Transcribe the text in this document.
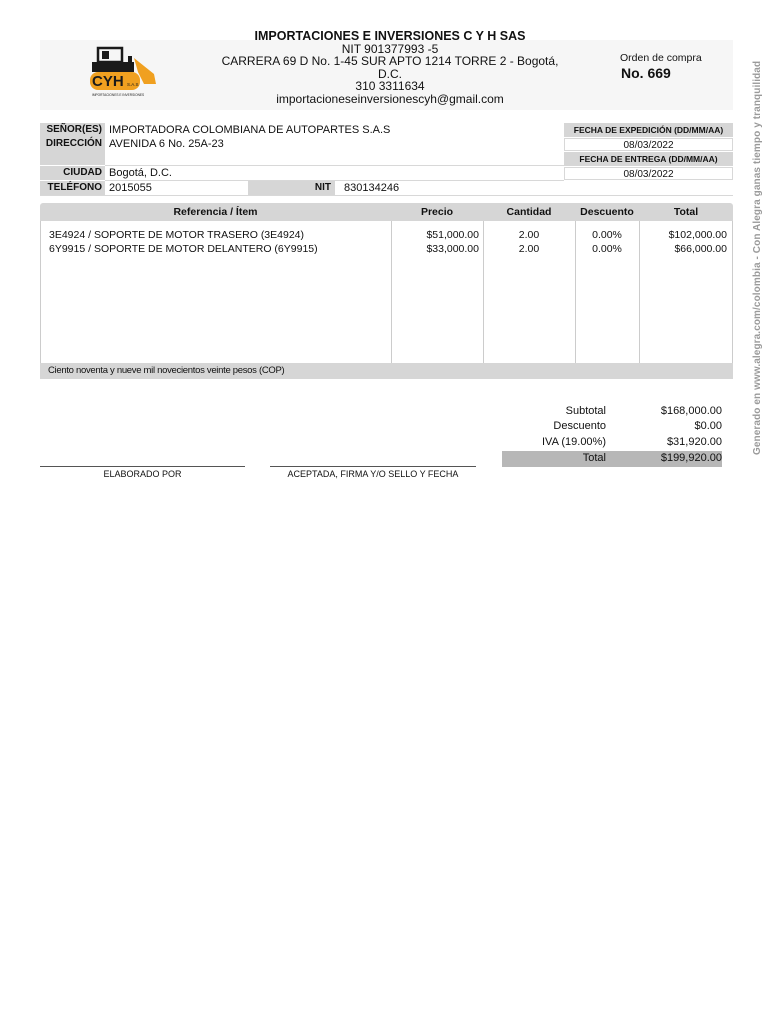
CYH S.A.S
IMPORTACIONES E INVERSIONES
IMPORTACIONES E INVERSIONES C Y H SAS
NIT 901377993 -5
CARRERA 69 D No. 1-45 SUR APTO 1214 TORRE 2 - Bogotá,
D.C.
310 3311634
importacioneseinversionescyh@gmail.com
Orden de compra
No. 669	Generado en www.alegra.com/colombia - Con Alegra ganas tiempo y tranquilidad
SEÑOR(ES) IMPORTADORA COLOMBIANA DE AUTOPARTES S.A.S
DIRECCIÓN AVENIDA 6 No. 25A-23
CIUDAD Bogotá, D.C.
TELÉFONO 2015055	NIT	830134246
FECHA DE EXPEDICIÓN (DD/MM/AA)
08/03/2022
FECHA DE ENTREGA (DD/MM/AA)
08/03/2022
Referencia / Ítem	Precio	Cantidad	Descuento	Total
3E4924 / SOPORTE DE MOTOR TRASERO (3E4924)	$51,000.00	2.00	0.00%	$102,000.00
6Y9915 / SOPORTE DE MOTOR DELANTERO (6Y9915)	$33,000.00	2.00	0.00%	$66,000.00
Ciento noventa y nueve mil novecientos veinte pesos (COP)
Subtotal	$168,000.00
Descuento	$0.00
IVA (19.00%)	$31,920.00
Total	$199,920.00
ELABORADO POR	ACEPTADA, FIRMA Y/O SELLO Y FECHA
